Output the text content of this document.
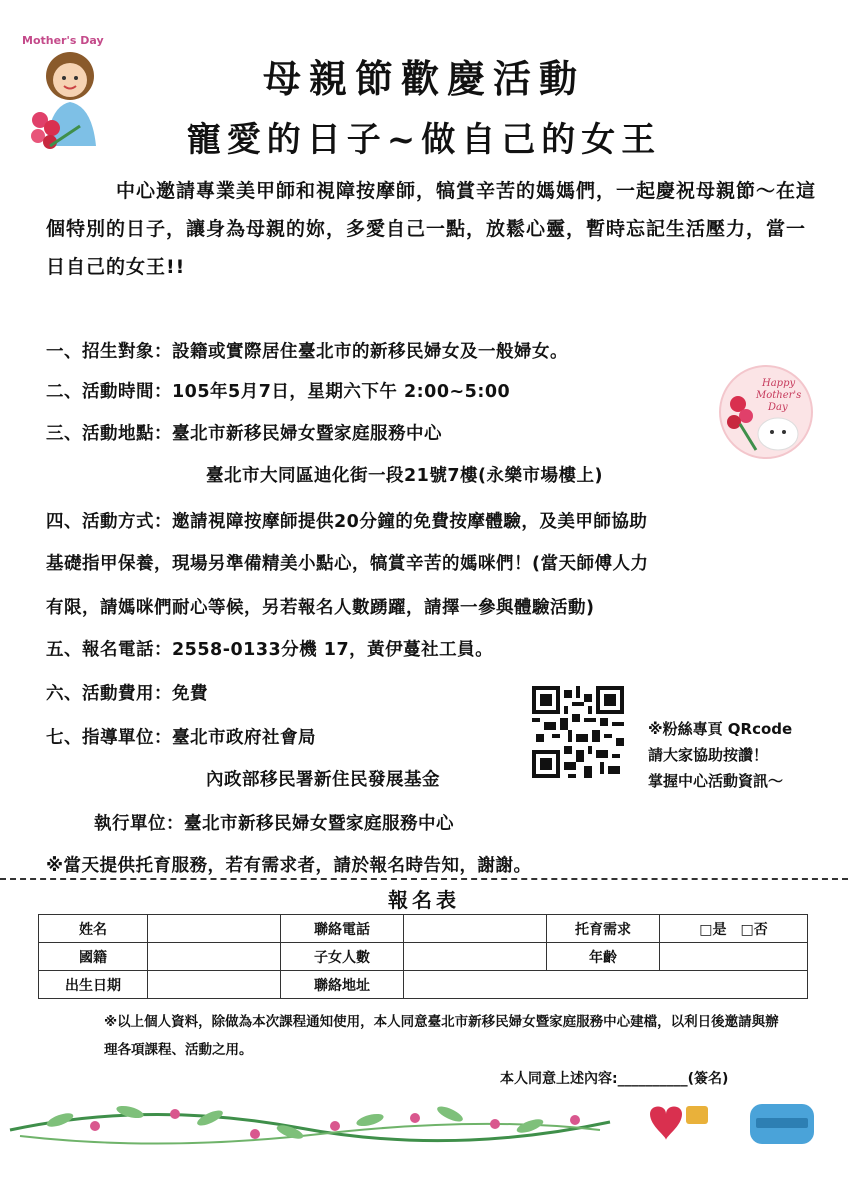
Mother's Day
母親節歡慶活動
寵愛的日子~做自己的女王
中心邀請專業美甲師和視障按摩師，犒賞辛苦的媽媽們，一起慶祝母親節～在這個特別的日子，讓身為母親的妳，多愛自己一點，放鬆心靈，暫時忘記生活壓力，當一日自己的女王!!
一、招生對象：設籍或實際居住臺北市的新移民婦女及一般婦女。
二、活動時間：105年5月7日，星期六下午 2:00~5:00
三、活動地點：臺北市新移民婦女暨家庭服務中心
臺北市大同區迪化街一段21號7樓(永樂市場樓上)
四、活動方式：邀請視障按摩師提供20分鐘的免費按摩體驗，及美甲師協助
基礎指甲保養，現場另準備精美小點心，犒賞辛苦的媽咪們！(當天師傅人力
有限，請媽咪們耐心等候，另若報名人數踴躍，請擇一參與體驗活動)
五、報名電話：2558-0133分機 17，黃伊蔓社工員。
六、活動費用：免費
七、指導單位：臺北市政府社會局
內政部移民署新住民發展基金
執行單位：臺北市新移民婦女暨家庭服務中心
※當天提供托育服務，若有需求者，請於報名時告知，謝謝。
Happy
Mother's
Day
※粉絲專頁 QRcode
請大家協助按讚！
掌握中心活動資訊～
報名表
姓名		聯絡電話		托育需求	□是　□否
國籍		子女人數		年齡	
出生日期		聯絡地址			
※以上個人資料，除做為本次課程通知使用，本人同意臺北市新移民婦女暨家庭服務中心建檔，以利日後邀請與辦理各項課程、活動之用。
本人同意上述內容:__________(簽名)
